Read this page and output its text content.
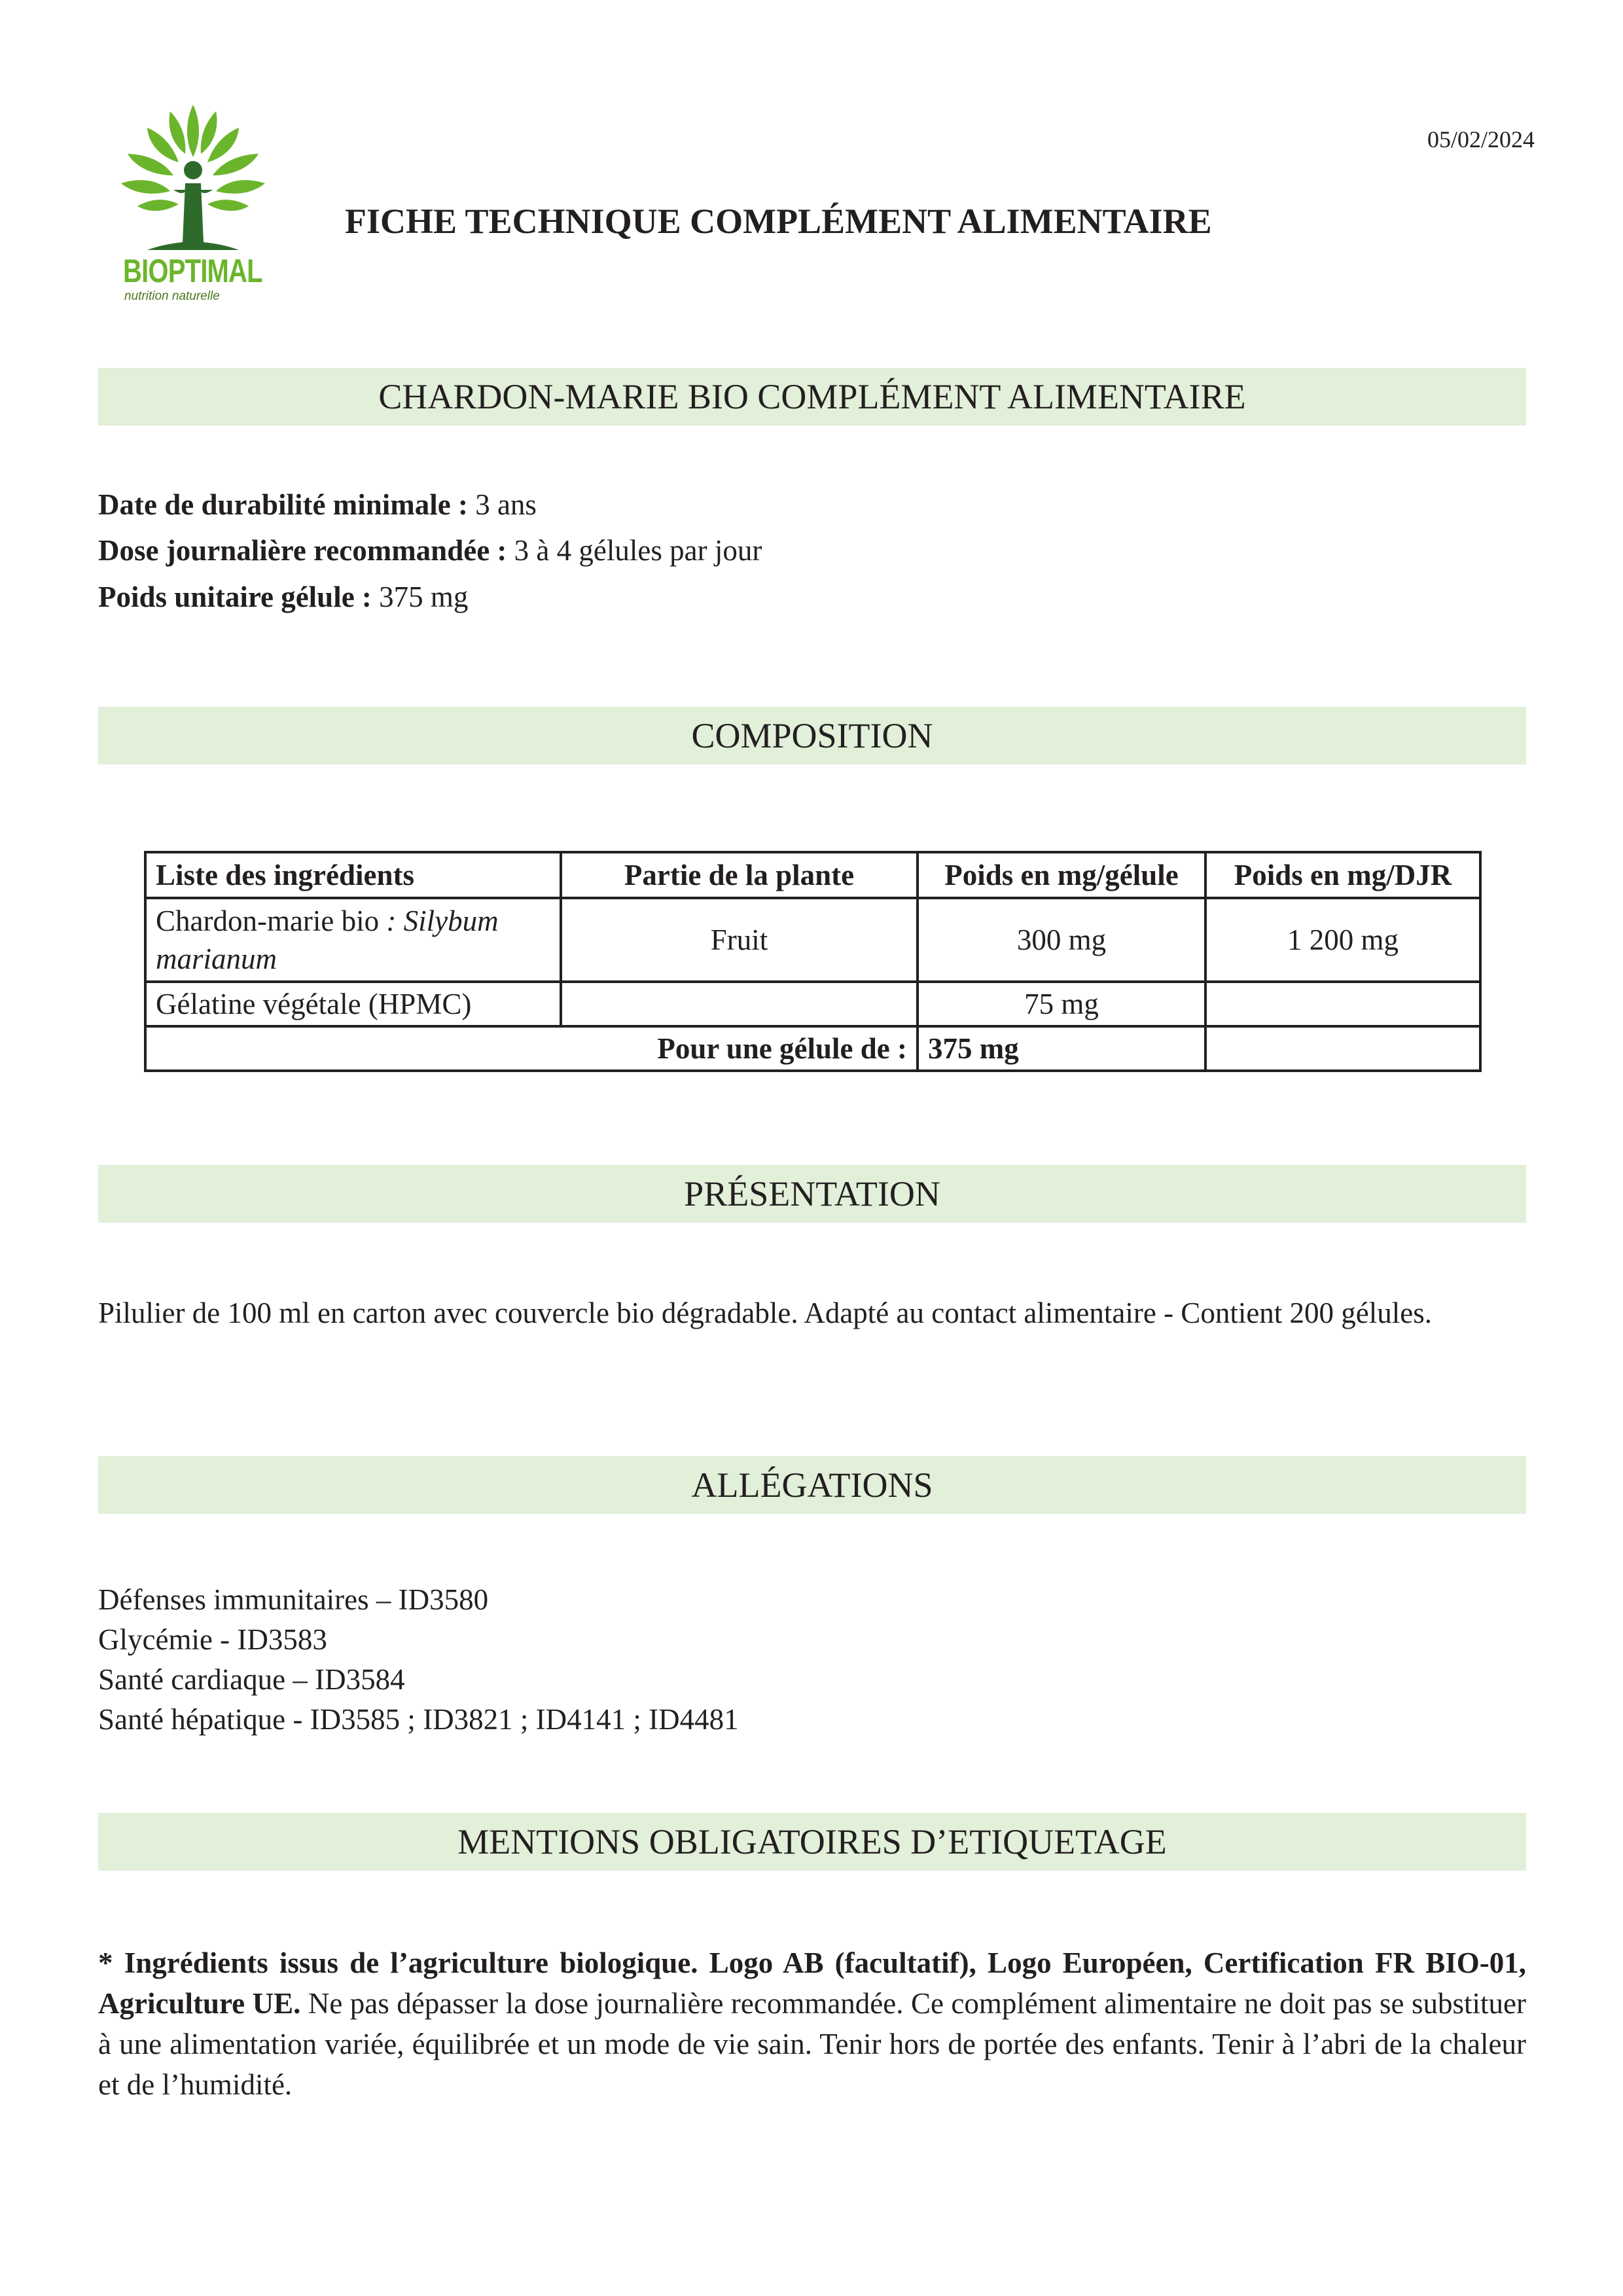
BIOPTIMAL
nutrition naturelle
05/02/2024
FICHE TECHNIQUE COMPLÉMENT ALIMENTAIRE
CHARDON-MARIE BIO COMPLÉMENT ALIMENTAIRE
Date de durabilité minimale : 3 ans
Dose journalière recommandée : 3 à 4 gélules par jour
Poids unitaire gélule : 375 mg
COMPOSITION
Liste des ingrédients	Partie de la plante	Poids en mg/gélule	Poids en mg/DJR
Chardon-marie bio : Silybum marianum	Fruit	300 mg	1 200 mg
Gélatine végétale (HPMC)		75 mg	
Pour une gélule de :		375 mg	
PRÉSENTATION
Pilulier de 100 ml en carton avec couvercle bio dégradable. Adapté au contact alimentaire - Contient 200 gélules.
ALLÉGATIONS
Défenses immunitaires – ID3580
Glycémie - ID3583
Santé cardiaque – ID3584
Santé hépatique - ID3585 ; ID3821 ; ID4141 ; ID4481
MENTIONS OBLIGATOIRES D’ETIQUETAGE
* Ingrédients issus de l’agriculture biologique. Logo AB (facultatif), Logo Européen, Certification FR BIO-01, Agriculture UE. Ne pas dépasser la dose journalière recommandée. Ce complément alimentaire ne doit pas se substituer à une alimentation variée, équilibrée et un mode de vie sain. Tenir hors de portée des enfants. Tenir à l’abri de la chaleur et de l’humidité.
